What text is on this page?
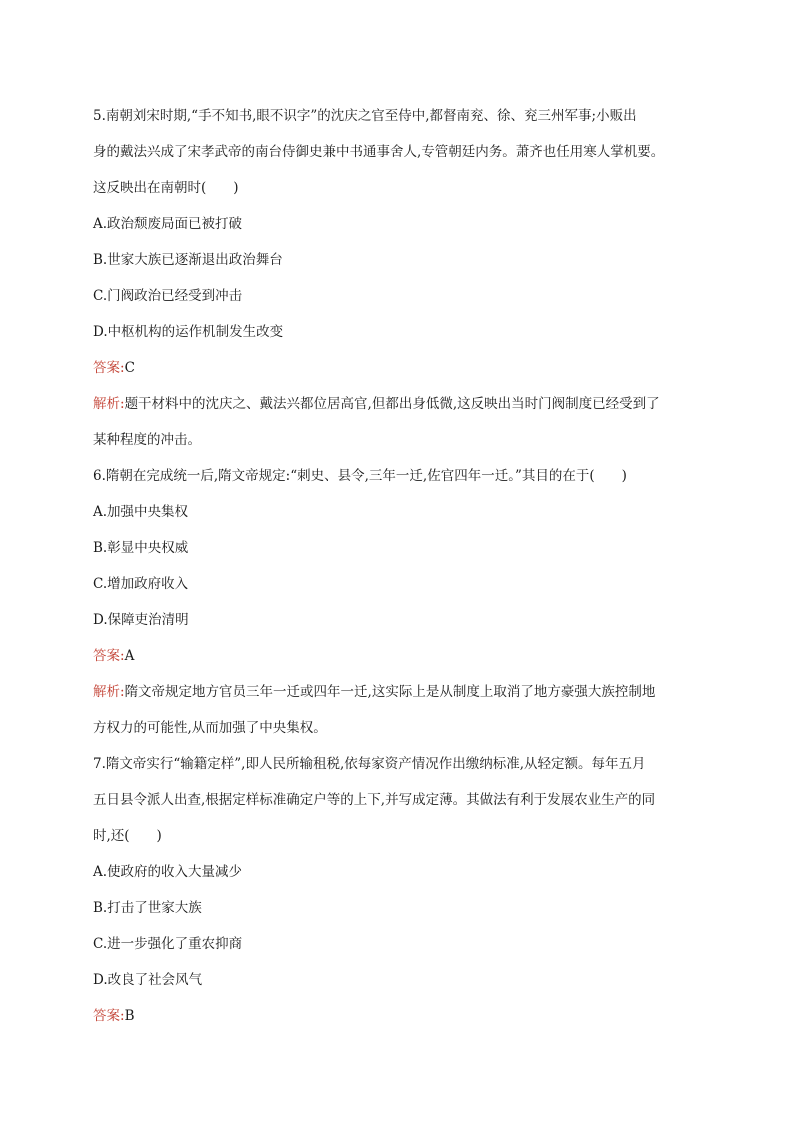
5.南朝刘宋时期,“手不知书,眼不识字”的沈庆之官至侍中,都督南兖、徐、兖三州军事;小贩出

身的戴法兴成了宋孝武帝的南台侍御史兼中书通事舍人,专管朝廷内务。萧齐也任用寒人掌机要。

这反映出在南朝时(　　)

A.政治颓废局面已被打破

B.世家大族已逐渐退出政治舞台

C.门阀政治已经受到冲击

D.中枢机构的运作机制发生改变

答案:C

解析:题干材料中的沈庆之、戴法兴都位居高官,但都出身低微,这反映出当时门阀制度已经受到了

某种程度的冲击。

6.隋朝在完成统一后,隋文帝规定:“刺史、县令,三年一迁,佐官四年一迁。”其目的在于(　　)

A.加强中央集权

B.彰显中央权威

C.增加政府收入

D.保障吏治清明

答案:A

解析:隋文帝规定地方官员三年一迁或四年一迁,这实际上是从制度上取消了地方豪强大族控制地

方权力的可能性,从而加强了中央集权。

7.隋文帝实行“输籍定样”,即人民所输租税,依每家资产情况作出缴纳标准,从轻定额。每年五月

五日县令派人出查,根据定样标准确定户等的上下,并写成定薄。其做法有利于发展农业生产的同

时,还(　　)

A.使政府的收入大量减少

B.打击了世家大族

C.进一步强化了重农抑商

D.改良了社会风气

答案:B
